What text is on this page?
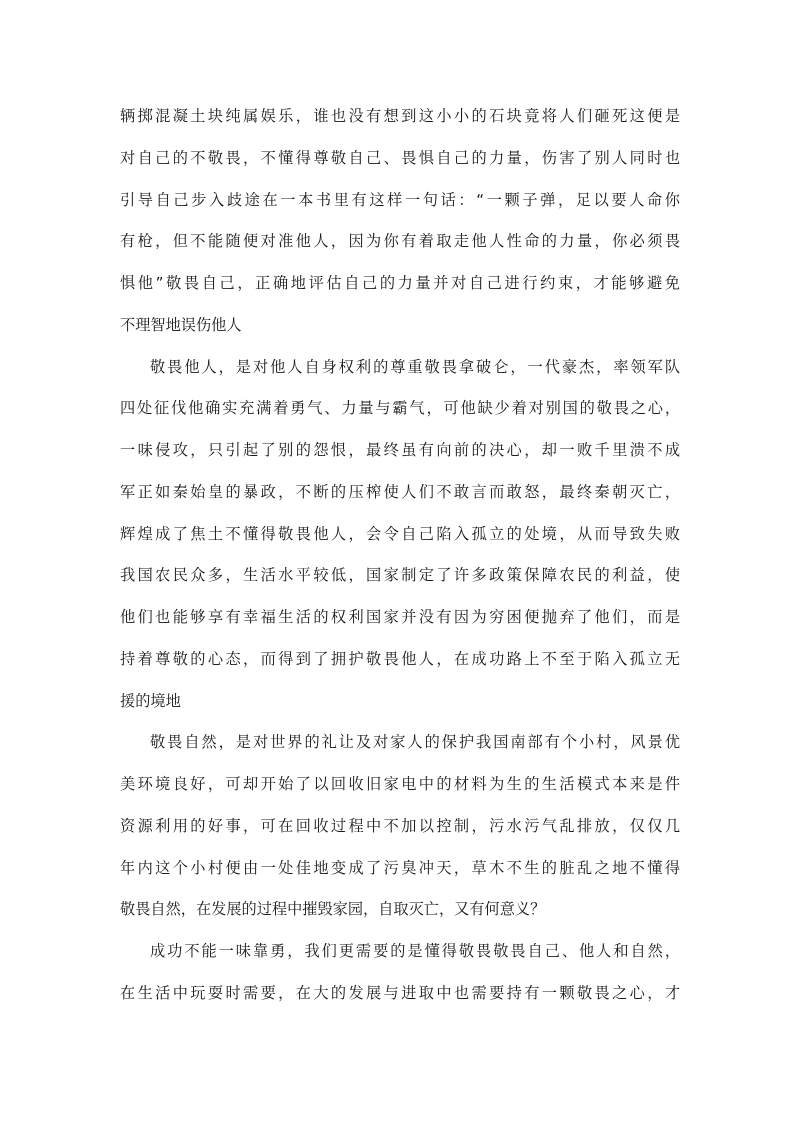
辆掷混凝土块纯属娱乐，谁也没有想到这小小的石块竟将人们砸死这便是
对自己的不敬畏，不懂得尊敬自己、畏惧自己的力量，伤害了别人同时也
引导自己步入歧途在一本书里有这样一句话：“一颗子弹，足以要人命你
有枪，但不能随便对准他人，因为你有着取走他人性命的力量，你必须畏
惧他”敬畏自己，正确地评估自己的力量并对自己进行约束，才能够避免
不理智地误伤他人
敬畏他人，是对他人自身权利的尊重敬畏拿破仑，一代豪杰，率领军队
四处征伐他确实充满着勇气、力量与霸气，可他缺少着对别国的敬畏之心，
一味侵攻，只引起了别的怨恨，最终虽有向前的决心，却一败千里溃不成
军正如秦始皇的暴政，不断的压榨使人们不敢言而敢怒，最终秦朝灭亡，
辉煌成了焦土不懂得敬畏他人，会令自己陷入孤立的处境，从而导致失败
我国农民众多，生活水平较低，国家制定了许多政策保障农民的利益，使
他们也能够享有幸福生活的权利国家并没有因为穷困便抛弃了他们，而是
持着尊敬的心态，而得到了拥护敬畏他人，在成功路上不至于陷入孤立无
援的境地
敬畏自然，是对世界的礼让及对家人的保护我国南部有个小村，风景优
美环境良好，可却开始了以回收旧家电中的材料为生的生活模式本来是件
资源利用的好事，可在回收过程中不加以控制，污水污气乱排放，仅仅几
年内这个小村便由一处佳地变成了污臭冲天，草木不生的脏乱之地不懂得
敬畏自然，在发展的过程中摧毁家园，自取灭亡，又有何意义？
成功不能一味靠勇，我们更需要的是懂得敬畏敬畏自己、他人和自然，
在生活中玩耍时需要，在大的发展与进取中也需要持有一颗敬畏之心，才
